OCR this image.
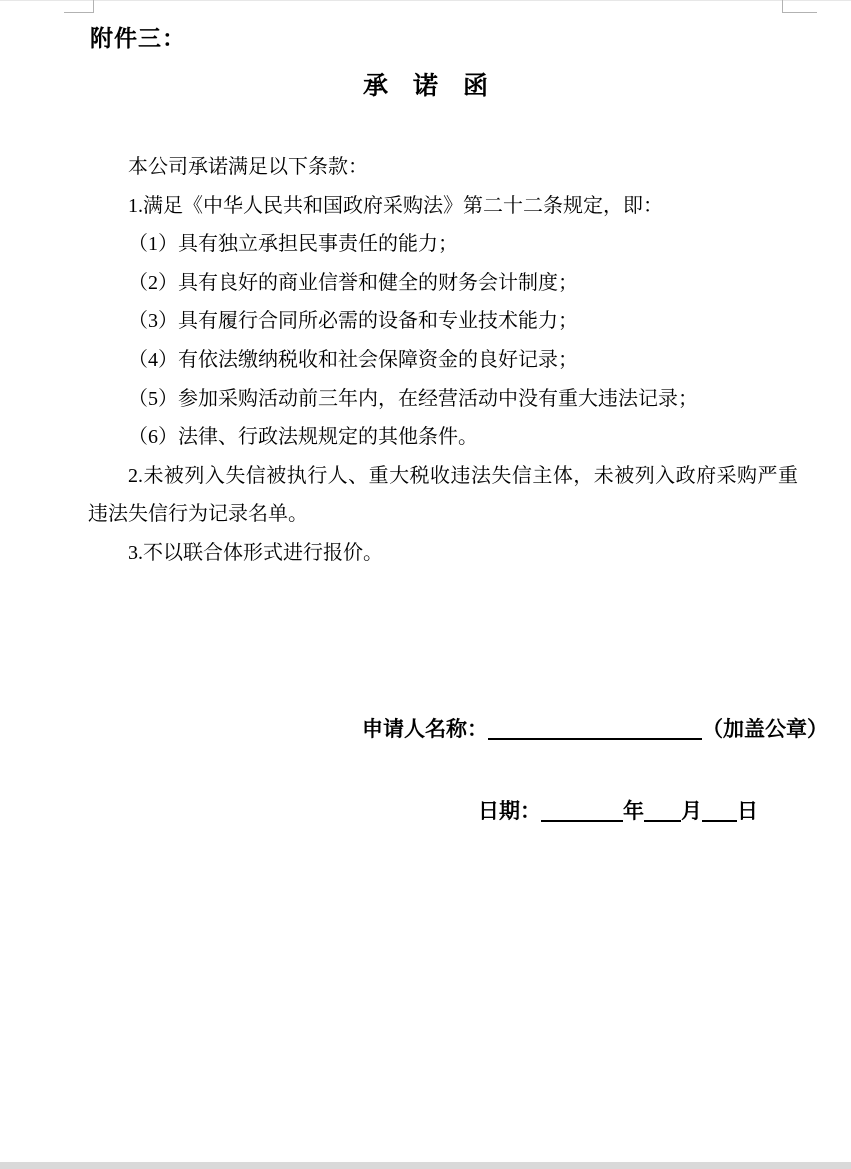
附件三：
承　诺　函

本公司承诺满足以下条款：

1.满足《中华人民共和国政府采购法》第二十二条规定，即：

（1）具有独立承担民事责任的能力；

（2）具有良好的商业信誉和健全的财务会计制度；

（3）具有履行合同所必需的设备和专业技术能力；

（4）有依法缴纳税收和社会保障资金的良好记录；

（5）参加采购活动前三年内，在经营活动中没有重大违法记录；

（6）法律、行政法规规定的其他条件。

2.未被列入失信被执行人、重大税收违法失信主体，未被列入政府采购严重违法失信行为记录名单。

3.不以联合体形式进行报价。

申请人名称：	（加盖公章）
日期：	年 月 日
